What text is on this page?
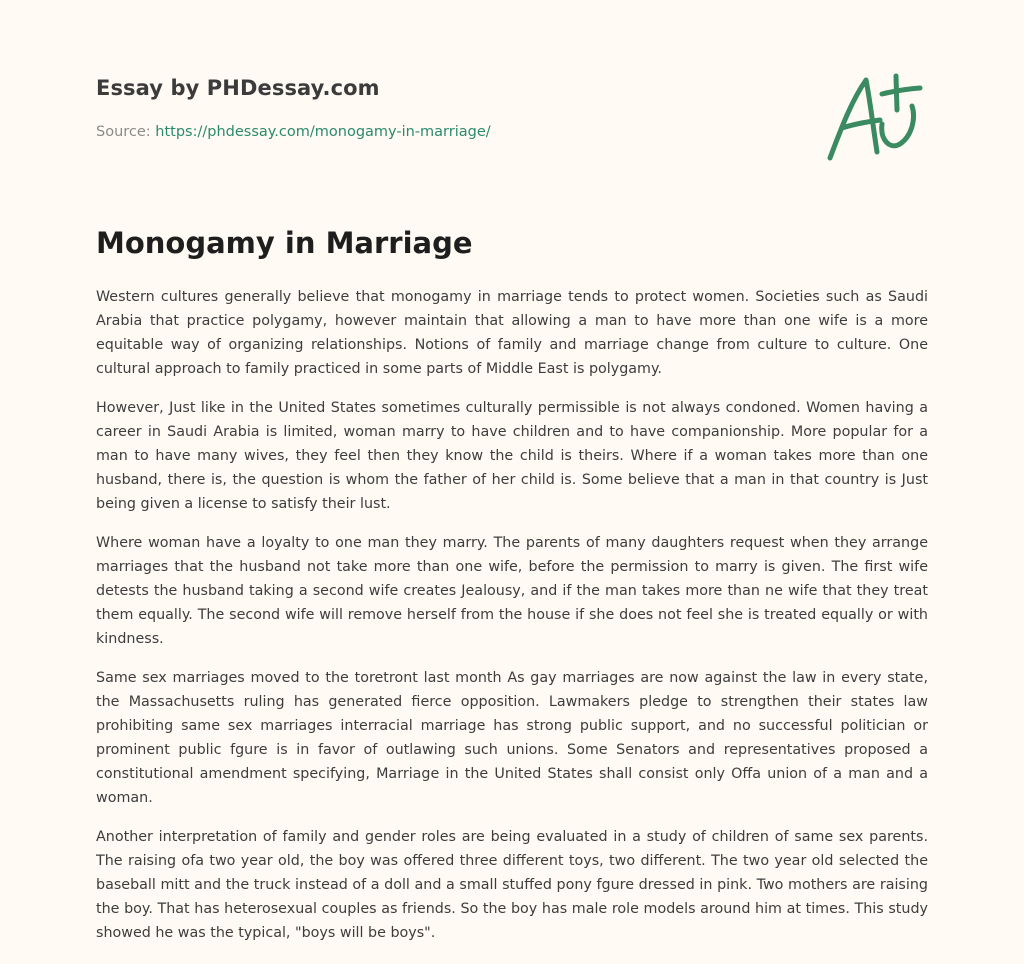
Essay by PHDessay.com
Source: https://phdessay.com/monogamy-in-marriage/
Monogamy in Marriage

Western cultures generally believe that monogamy in marriage tends to protect women. Societies such as Saudi Arabia that practice polygamy, however maintain that allowing a man to have more than one wife is a more equitable way of organizing relationships. Notions of family and marriage change from culture to culture. One cultural approach to family practiced in some parts of Middle East is polygamy.

However, Just like in the United States sometimes culturally permissible is not always condoned. Women having a career in Saudi Arabia is limited, woman marry to have children and to have companionship. More popular for a man to have many wives, they feel then they know the child is theirs. Where if a woman takes more than one husband, there is, the question is whom the father of her child is. Some believe that a man in that country is Just being given a license to satisfy their lust.

Where woman have a loyalty to one man they marry. The parents of many daughters request when they arrange marriages that the husband not take more than one wife, before the permission to marry is given. The first wife detests the husband taking a second wife creates Jealousy, and if the man takes more than ne wife that they treat them equally. The second wife will remove herself from the house if she does not feel she is treated equally or with kindness.

Same sex marriages moved to the toretront last month As gay marriages are now against the law in every state, the Massachusetts ruling has generated fierce opposition. Lawmakers pledge to strengthen their states law prohibiting same sex marriages interracial marriage has strong public support, and no successful politician or prominent public fgure is in favor of outlawing such unions. Some Senators and representatives proposed a constitutional amendment specifying, Marriage in the United States shall consist only Offa union of a man and a woman.

Another interpretation of family and gender roles are being evaluated in a study of children of same sex parents. The raising ofa two year old, the boy was offered three different toys, two different. The two year old selected the baseball mitt and the truck instead of a doll and a small stuffed pony fgure dressed in pink. Two mothers are raising the boy. That has heterosexual couples as friends. So the boy has male role models around him at times. This study showed he was the typical, "boys will be boys".
